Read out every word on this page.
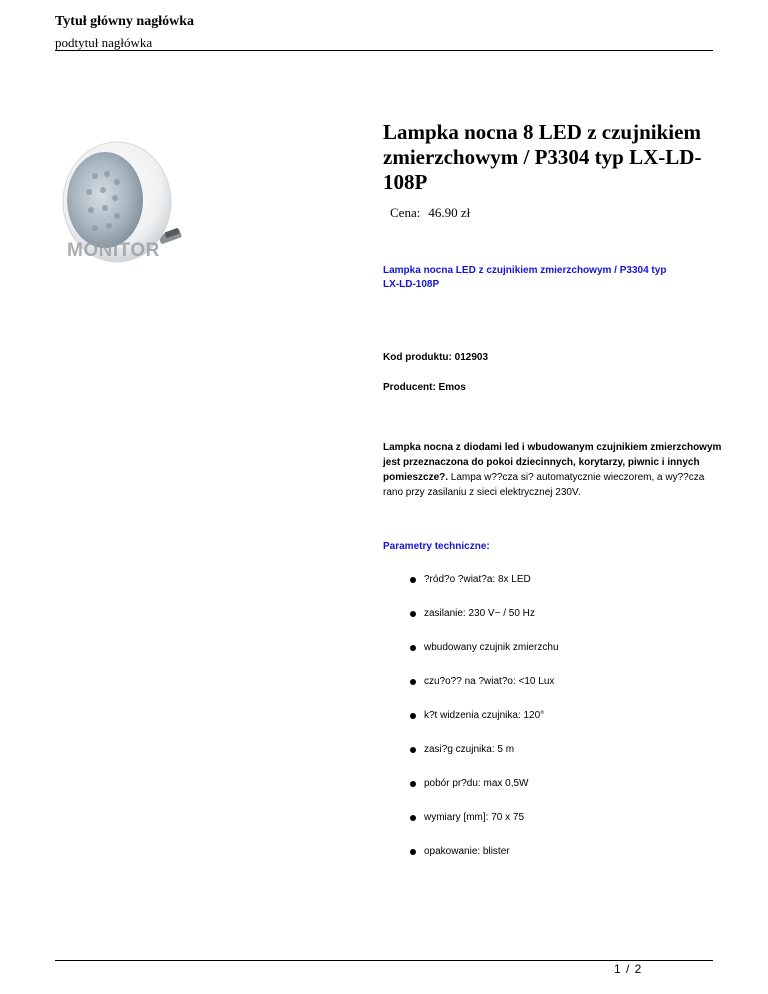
Tytuł główny nagłówka
podtytuł nagłówka
MONITOR
Lampka nocna 8 LED z czujnikiem zmierzchowym / P3304 typ LX-LD-108P
Cena: 46.90 zł
Lampka nocna LED z czujnikiem zmierzchowym / P3304 typ LX-LD-108P
Kod produktu: 012903
Producent: Emos
Lampka nocna z diodami led i wbudowanym czujnikiem zmierzchowym jest przeznaczona do pokoi dziecinnych, korytarzy, piwnic i innych pomieszcze?. Lampa w??cza si? automatycznie wieczorem, a wy??cza rano przy zasilaniu z sieci elektrycznej 230V.
Parametry techniczne:
?ród?o ?wiat?a: 8x LED
zasilanie: 230 V~ / 50 Hz
wbudowany czujnik zmierzchu
czu?o?? na ?wiat?o: <10 Lux
k?t widzenia czujnika: 120°
zasi?g czujnika: 5 m
pobór pr?du: max 0,5W
wymiary [mm]: 70 x 75
opakowanie: blister
1 / 2
